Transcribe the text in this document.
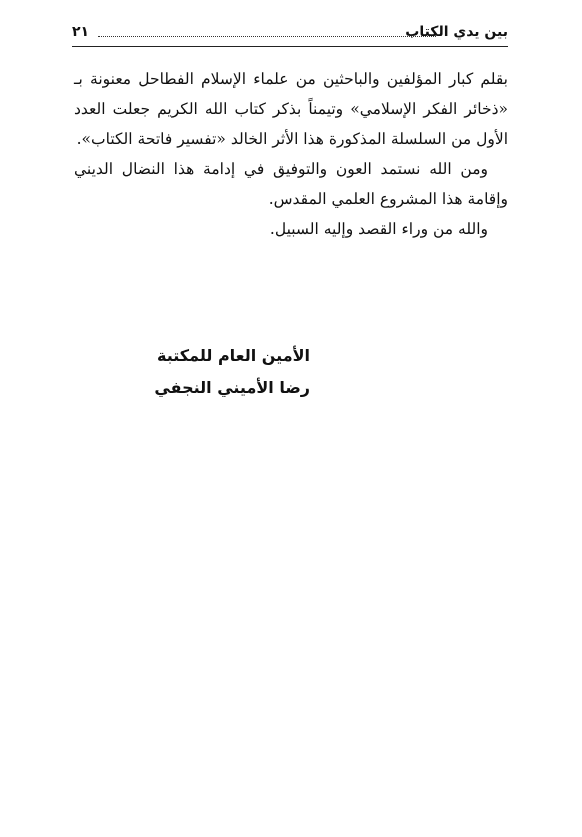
بين يدي الكتاب
٢١

بقلم كبار المؤلفين والباحثين من علماء الإسلام الفطاحل معنونة بـ «ذخائر الفكر الإسلامي» وتيمناً بذكر كتاب الله الكريم جعلت العدد الأول من السلسلة المذكورة هذا الأثر الخالد «تفسير فاتحة الكتاب».

ومن الله نستمد العون والتوفيق في إدامة هذا النضال الديني وإقامة هذا المشروع العلمي المقدس.

والله من وراء القصد وإليه السبيل.

الأمين العام للمكتبة
رضا الأميني النجفي
